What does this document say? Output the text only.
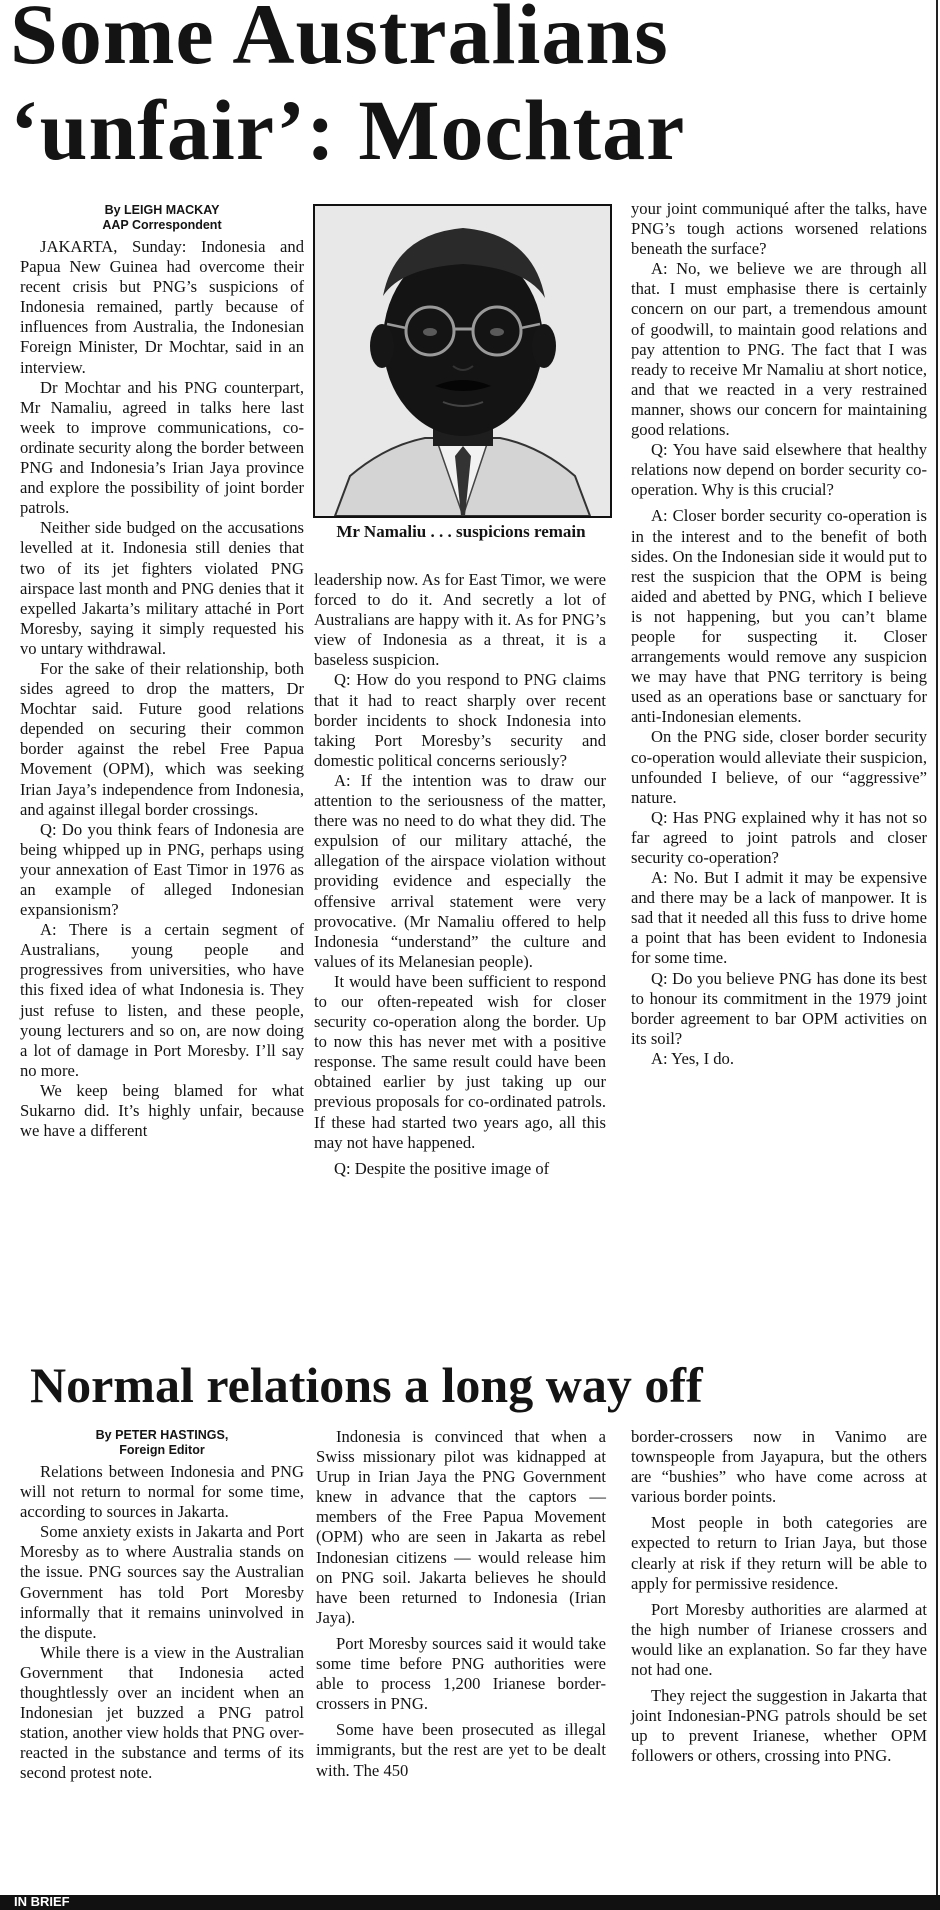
Some Australians ‘unfair’: Mochtar
By LEIGH MACKAY
AAP Correspondent

JAKARTA, Sunday: Indonesia and Papua New Guinea had overcome their recent crisis but PNG’s suspicions of Indonesia remained, partly because of influences from Australia, the Indonesian Foreign Minister, Dr Mochtar, said in an interview.

Dr Mochtar and his PNG counterpart, Mr Namaliu, agreed in talks here last week to improve communications, co-ordinate security along the border between PNG and Indonesia’s Irian Jaya province and explore the possibility of joint border patrols.

Neither side budged on the accusations levelled at it. Indonesia still denies that two of its jet fighters violated PNG airspace last month and PNG denies that it expelled Jakarta’s military attaché in Port Moresby, saying it simply requested his vo untary withdrawal.

For the sake of their relationship, both sides agreed to drop the matters, Dr Mochtar said. Future good relations depended on securing their common border against the rebel Free Papua Movement (OPM), which was seeking Irian Jaya’s independence from Indonesia, and against illegal border crossings.

Q: Do you think fears of Indonesia are being whipped up in PNG, perhaps using your annexation of East Timor in 1976 as an example of alleged Indonesian expansionism?

A: There is a certain segment of Australians, young people and progressives from universities, who have this fixed idea of what Indonesia is. They just refuse to listen, and these people, young lecturers and so on, are now doing a lot of damage in Port Moresby. I’ll say no more.

We keep being blamed for what Sukarno did. It’s highly unfair, because we have a different

Mr Namaliu . . . suspicions remain

leadership now. As for East Timor, we were forced to do it. And secretly a lot of Australians are happy with it. As for PNG’s view of Indonesia as a threat, it is a baseless suspicion.

Q: How do you respond to PNG claims that it had to react sharply over recent border incidents to shock Indonesia into taking Port Moresby’s security and domestic political concerns seriously?

A: If the intention was to draw our attention to the seriousness of the matter, there was no need to do what they did. The expulsion of our military attaché, the allegation of the airspace violation without providing evidence and especially the offensive arrival statement were very provocative. (Mr Namaliu offered to help Indonesia “understand” the culture and values of its Melanesian people).

It would have been sufficient to respond to our often-repeated wish for closer security co-operation along the border. Up to now this has never met with a positive response. The same result could have been obtained earlier by just taking up our previous proposals for co-ordinated patrols. If these had started two years ago, all this may not have happened.

Q: Despite the positive image of

your joint communiqué after the talks, have PNG’s tough actions worsened relations beneath the surface?

A: No, we believe we are through all that. I must emphasise there is certainly concern on our part, a tremendous amount of goodwill, to maintain good relations and pay attention to PNG. The fact that I was ready to receive Mr Namaliu at short notice, and that we reacted in a very restrained manner, shows our concern for maintaining good relations.

Q: You have said elsewhere that healthy relations now depend on border security co-operation. Why is this crucial?

A: Closer border security co-operation is in the interest and to the benefit of both sides. On the Indonesian side it would put to rest the suspicion that the OPM is being aided and abetted by PNG, which I believe is not happening, but you can’t blame people for suspecting it. Closer arrangements would remove any suspicion we may have that PNG territory is being used as an operations base or sanctuary for anti-Indonesian elements.

On the PNG side, closer border security co-operation would alleviate their suspicion, unfounded I believe, of our “aggressive” nature.

Q: Has PNG explained why it has not so far agreed to joint patrols and closer security co-operation?

A: No. But I admit it may be expensive and there may be a lack of manpower. It is sad that it needed all this fuss to drive home a point that has been evident to Indonesia for some time.

Q: Do you believe PNG has done its best to honour its commitment in the 1979 joint border agreement to bar OPM activities on its soil?

A: Yes, I do.

Normal relations a long way off
By PETER HASTINGS,
Foreign Editor

Relations between Indonesia and PNG will not return to normal for some time, according to sources in Jakarta.

Some anxiety exists in Jakarta and Port Moresby as to where Australia stands on the issue. PNG sources say the Australian Government has told Port Moresby informally that it remains uninvolved in the dispute.

While there is a view in the Australian Government that Indonesia acted thoughtlessly over an incident when an Indonesian jet buzzed a PNG patrol station, another view holds that PNG over-reacted in the substance and terms of its second protest note.

Indonesia is convinced that when a Swiss missionary pilot was kidnapped at Urup in Irian Jaya the PNG Government knew in advance that the captors — members of the Free Papua Movement (OPM) who are seen in Jakarta as rebel Indonesian citizens — would release him on PNG soil. Jakarta believes he should have been returned to Indonesia (Irian Jaya).

Port Moresby sources said it would take some time before PNG authorities were able to process 1,200 Irianese border-crossers in PNG.

Some have been prosecuted as illegal immigrants, but the rest are yet to be dealt with. The 450

border-crossers now in Vanimo are townspeople from Jayapura, but the others are “bushies” who have come across at various border points.

Most people in both categories are expected to return to Irian Jaya, but those clearly at risk if they return will be able to apply for permissive residence.

Port Moresby authorities are alarmed at the high number of Irianese crossers and would like an explanation. So far they have not had one.

They reject the suggestion in Jakarta that joint Indonesian-PNG patrols should be set up to prevent Irianese, whether OPM followers or others, crossing into PNG.

IN BRIEF
